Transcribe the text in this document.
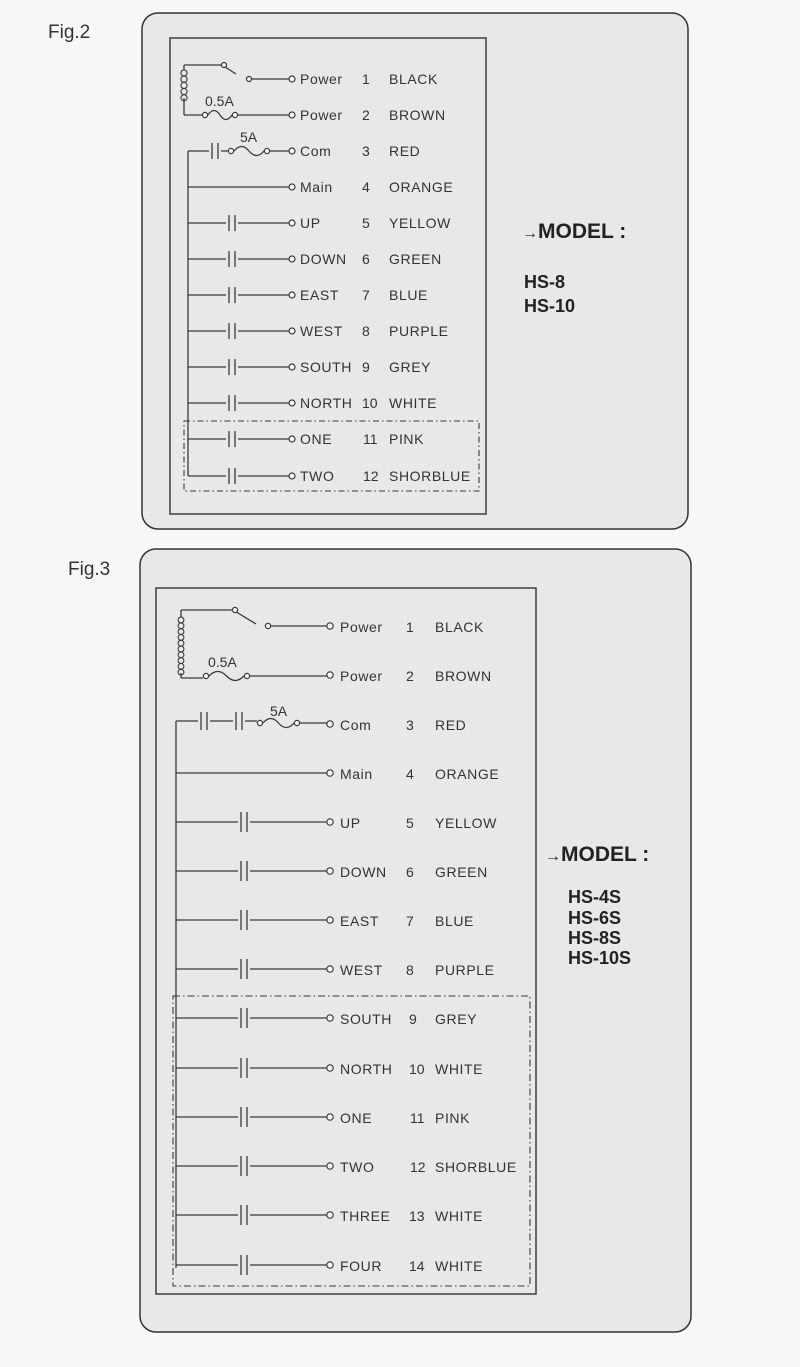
Fig.2
0.5A
5A
Power 1 BLACK
Power 2 BROWN
Com 3 RED
Main 4 ORANGE
UP	5 YELLOW
DOWN 6 GREEN
EAST 7 BLUE
WEST 8 PURPLE
SOUTH 9 GREY
NORTH 10 WHITE
ONE 11 PINK
TWO 12 SHORBLUE
→MODEL :
HS-8
HS-10
Fig.3
0.5A
5A
Power 1 BLACK
Power 2 BROWN
Com 3 RED
Main 4 ORANGE
UP	5 YELLOW
DOWN 6 GREEN
EAST 7 BLUE
WEST 8 PURPLE
SOUTH 9 GREY
NORTH 10 WHITE
ONE	11 PINK
TWO	12 SHORBLUE
THREE 13 WHITE
FOUR 14 WHITE
→MODEL :
HS-4S
HS-6S
HS-8S
HS-10S
